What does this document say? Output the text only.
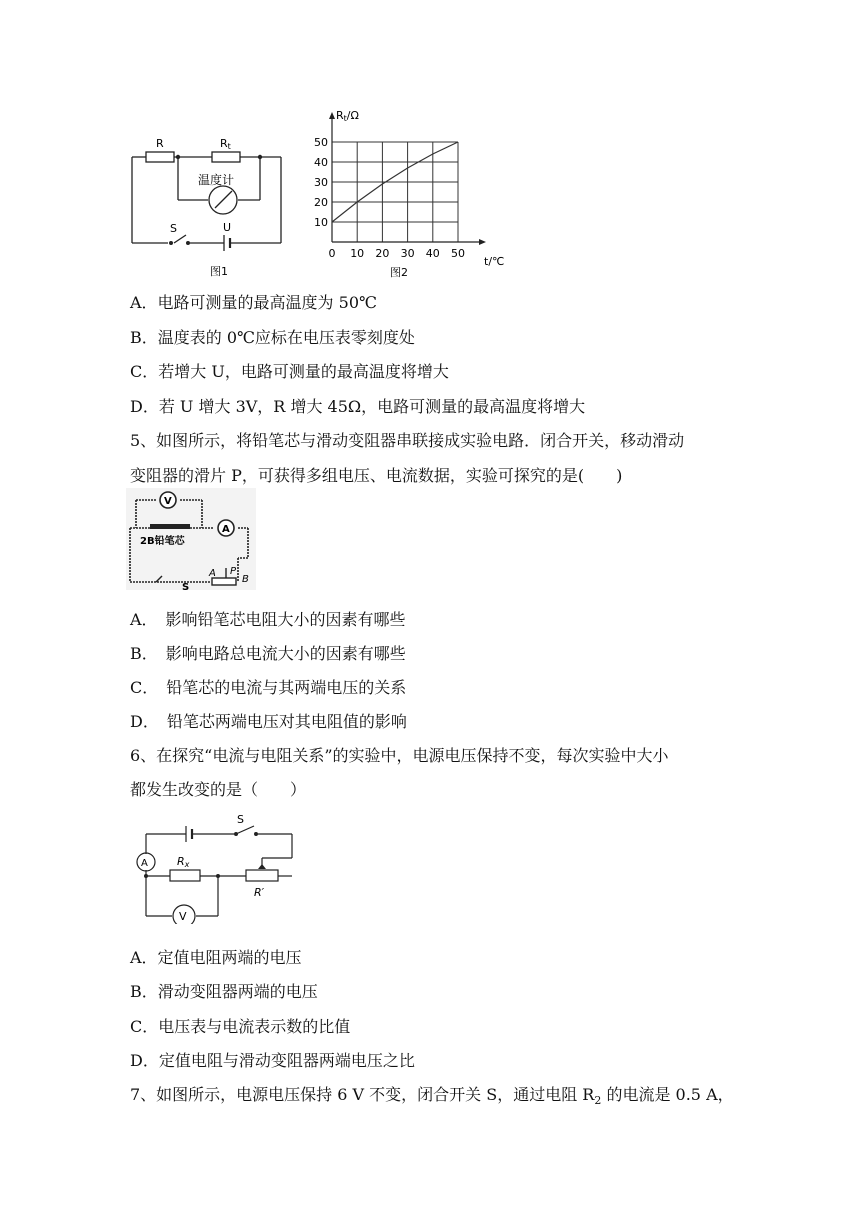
R	Rt
温度计
S	U
图1
0 10 20 30 40 50
10
20
30
40
50
Rt/Ω
t/℃
图2
A．电路可测量的最高温度为 50℃
B．温度表的 0℃应标在电压表零刻度处
C．若增大 U，电路可测量的最高温度将增大
D．若 U 增大 3V，R 增大 45Ω，电路可测量的最高温度将增大
5、如图所示，将铅笔芯与滑动变阻器串联接成实验电路．闭合开关，移动滑动
变阻器的滑片 P，可获得多组电压、电流数据，实验可探究的是(　　)
V
A
2B铅笔芯
S
A P
B
A．　影响铅笔芯电阻大小的因素有哪些
B．　影响电路总电流大小的因素有哪些
C．　铅笔芯的电流与其两端电压的关系
D．　铅笔芯两端电压对其电阻值的影响
6、在探究“电流与电阻关系”的实验中，电源电压保持不变，每次实验中大小
都发生改变的是（　　）
S
A	Rx
V
R′
A．定值电阻两端的电压
B．滑动变阻器两端的电压
C．电压表与电流表示数的比值
D．定值电阻与滑动变阻器两端电压之比
7、如图所示，电源电压保持 6 V 不变，闭合开关 S，通过电阻 $R_2$ 的电流是 0.5 A，
